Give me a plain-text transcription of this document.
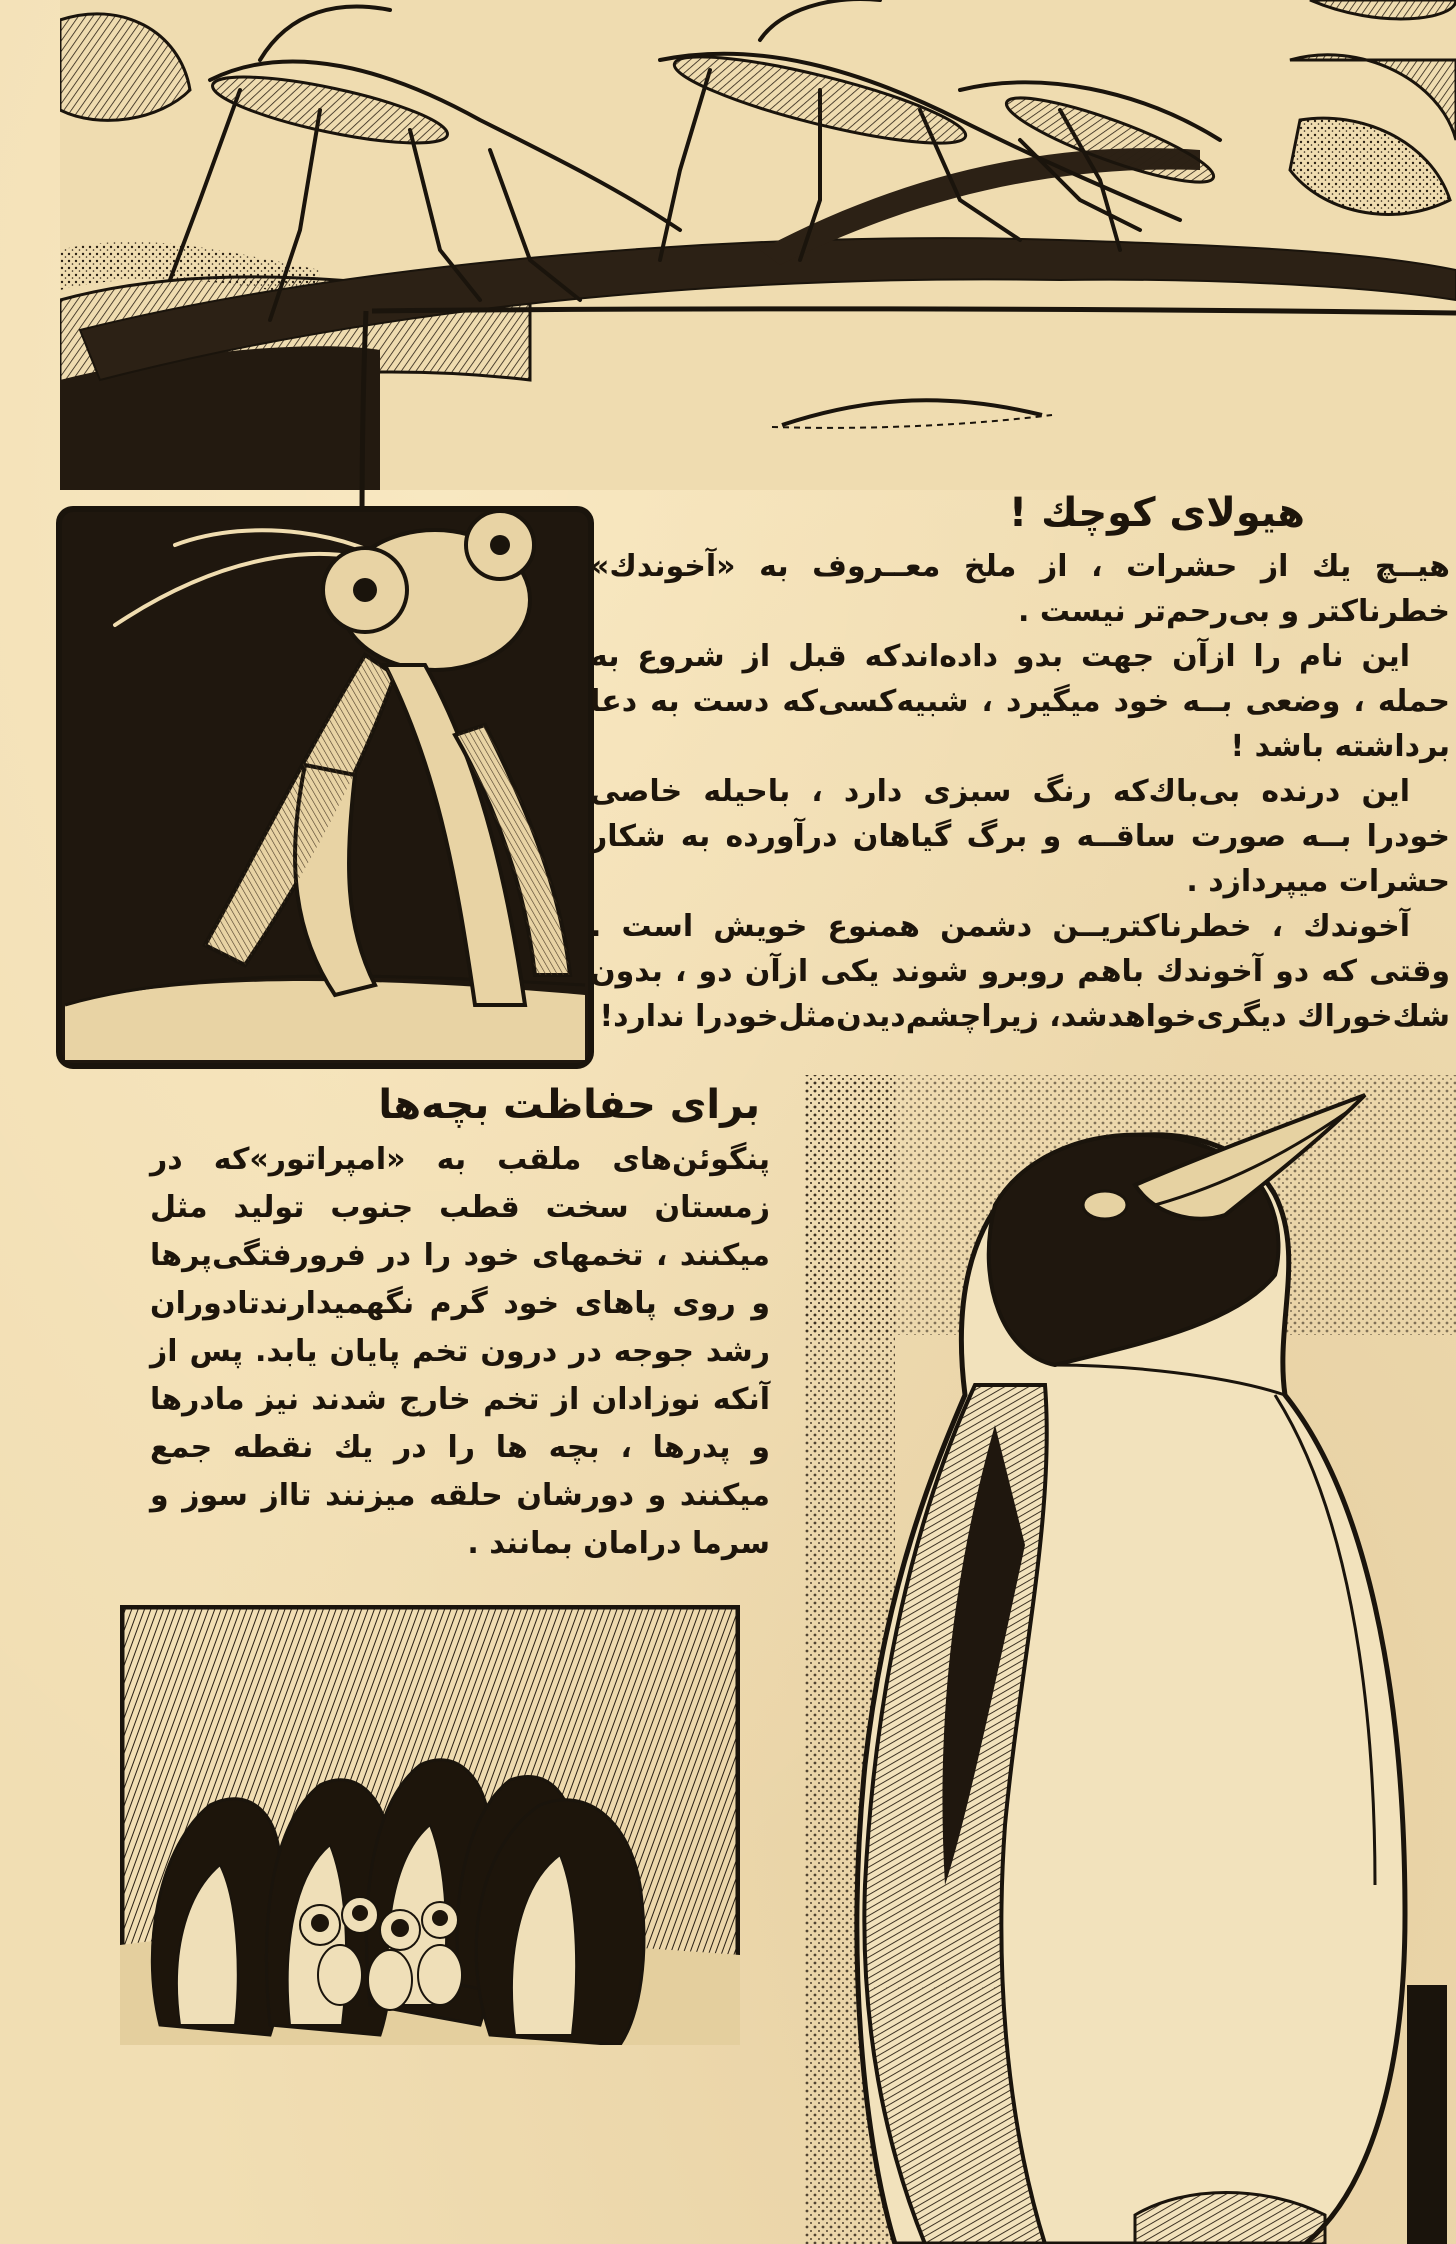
هیولای کوچك !

هیــچ یك از حشرات ، از ملخ معــروف به «آخوندك» خطرناکتر و بی‌رحم‌تر نیست .

این نام را ازآن جهت بدو داده‌اندکه قبل از شروع به حمله ، وضعی بــه خود میگیرد ، شبیه‌کسی‌که دست به دعا برداشته باشد !

این درنده بی‌باك‌که رنگ سبزی دارد ، باحیله خاصی خودرا بــه صورت ساقــه و برگ گیاهان درآورده به شکار حشرات میپردازد .

آخوندك ، خطرناکتریــن دشمن همنوع خویش است . وقتی که دو آخوندك باهم روبرو شوند یکی ازآن دو ، بدون شك‌خوراك دیگری‌خواهدشد، زیراچشم‌دیدن‌مثل‌خودرا ندارد!

برای حفاظت بچه‌ها

پنگوئن‌های ملقب به «امپراتور»که در زمستان سخت قطب جنوب تولید مثل میکنند ، تخمهای خود را در فرورفتگی‌پرها و روی پاهای خود گرم نگهمیدارندتادوران رشد جوجه در درون تخم پایان یابد. پس از آنکه نوزادان از تخم خارج شدند نیز مادرها و پدرها ، بچه ها را در یك نقطه جمع میکنند و دورشان حلقه میزنند تااز سوز و سرما درامان بمانند .
